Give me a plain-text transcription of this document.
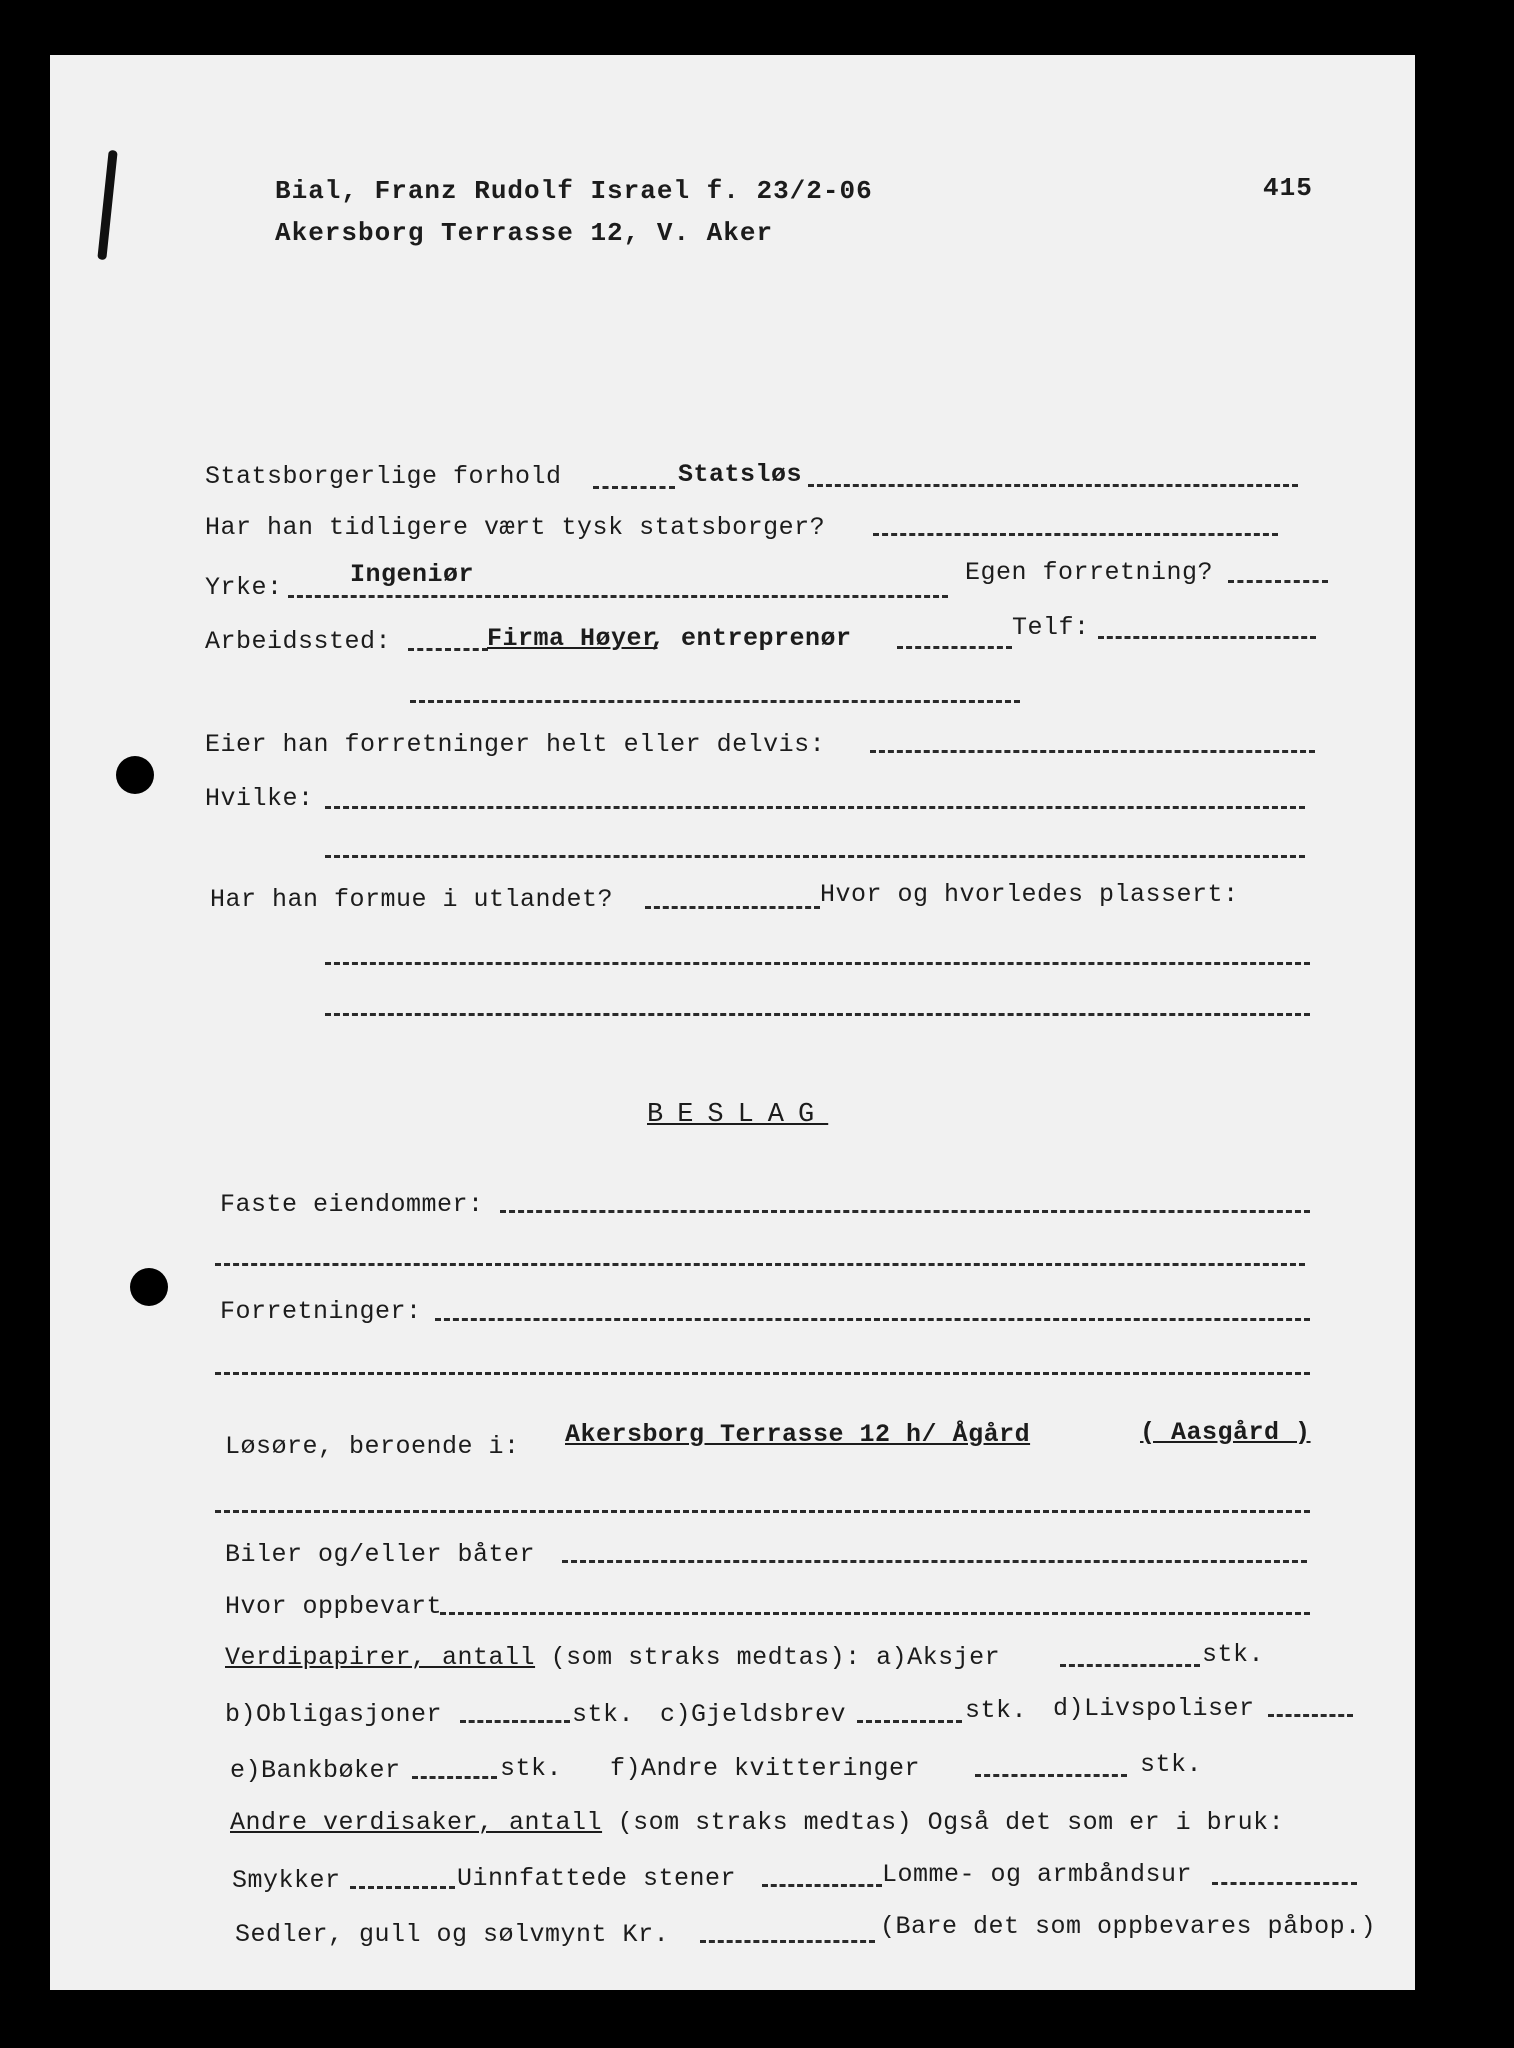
Bial, Franz Rudolf Israel f. 23/2-06
Akersborg Terrasse 12, V. Aker
415
Statsborgerlige forhold	Statsløs
Har han tidligere vært tysk statsborger?
Yrke:	Ingeniør	Egen forretning?
Arbeidssted:	Firma Høyer
, entreprenør	Telf:
Eier han forretninger helt eller delvis:
Hvilke:
Har han formue i utlandet?	Hvor og hvorledes plassert:
BESLAG
Faste eiendommer:
Forretninger:
Løsøre, beroende i: Akersborg Terrasse 12 h/ Ågård	( Aasgård )
Biler og/eller båter
Hvor oppbevart
Verdipapirer, antall (som straks medtas): a)Aksjer	stk.
b)Obligasjoner	stk. c)Gjeldsbrev	stk. d)Livspoliser
e)Bankbøker	stk. f)Andre kvitteringer	stk.
Andre verdisaker, antall (som straks medtas) Også det som er i bruk:
Smykker	Uinnfattede stener	Lomme- og armbåndsur
Sedler, gull og sølvmynt Kr.	(Bare det som oppbevares påbop.)
